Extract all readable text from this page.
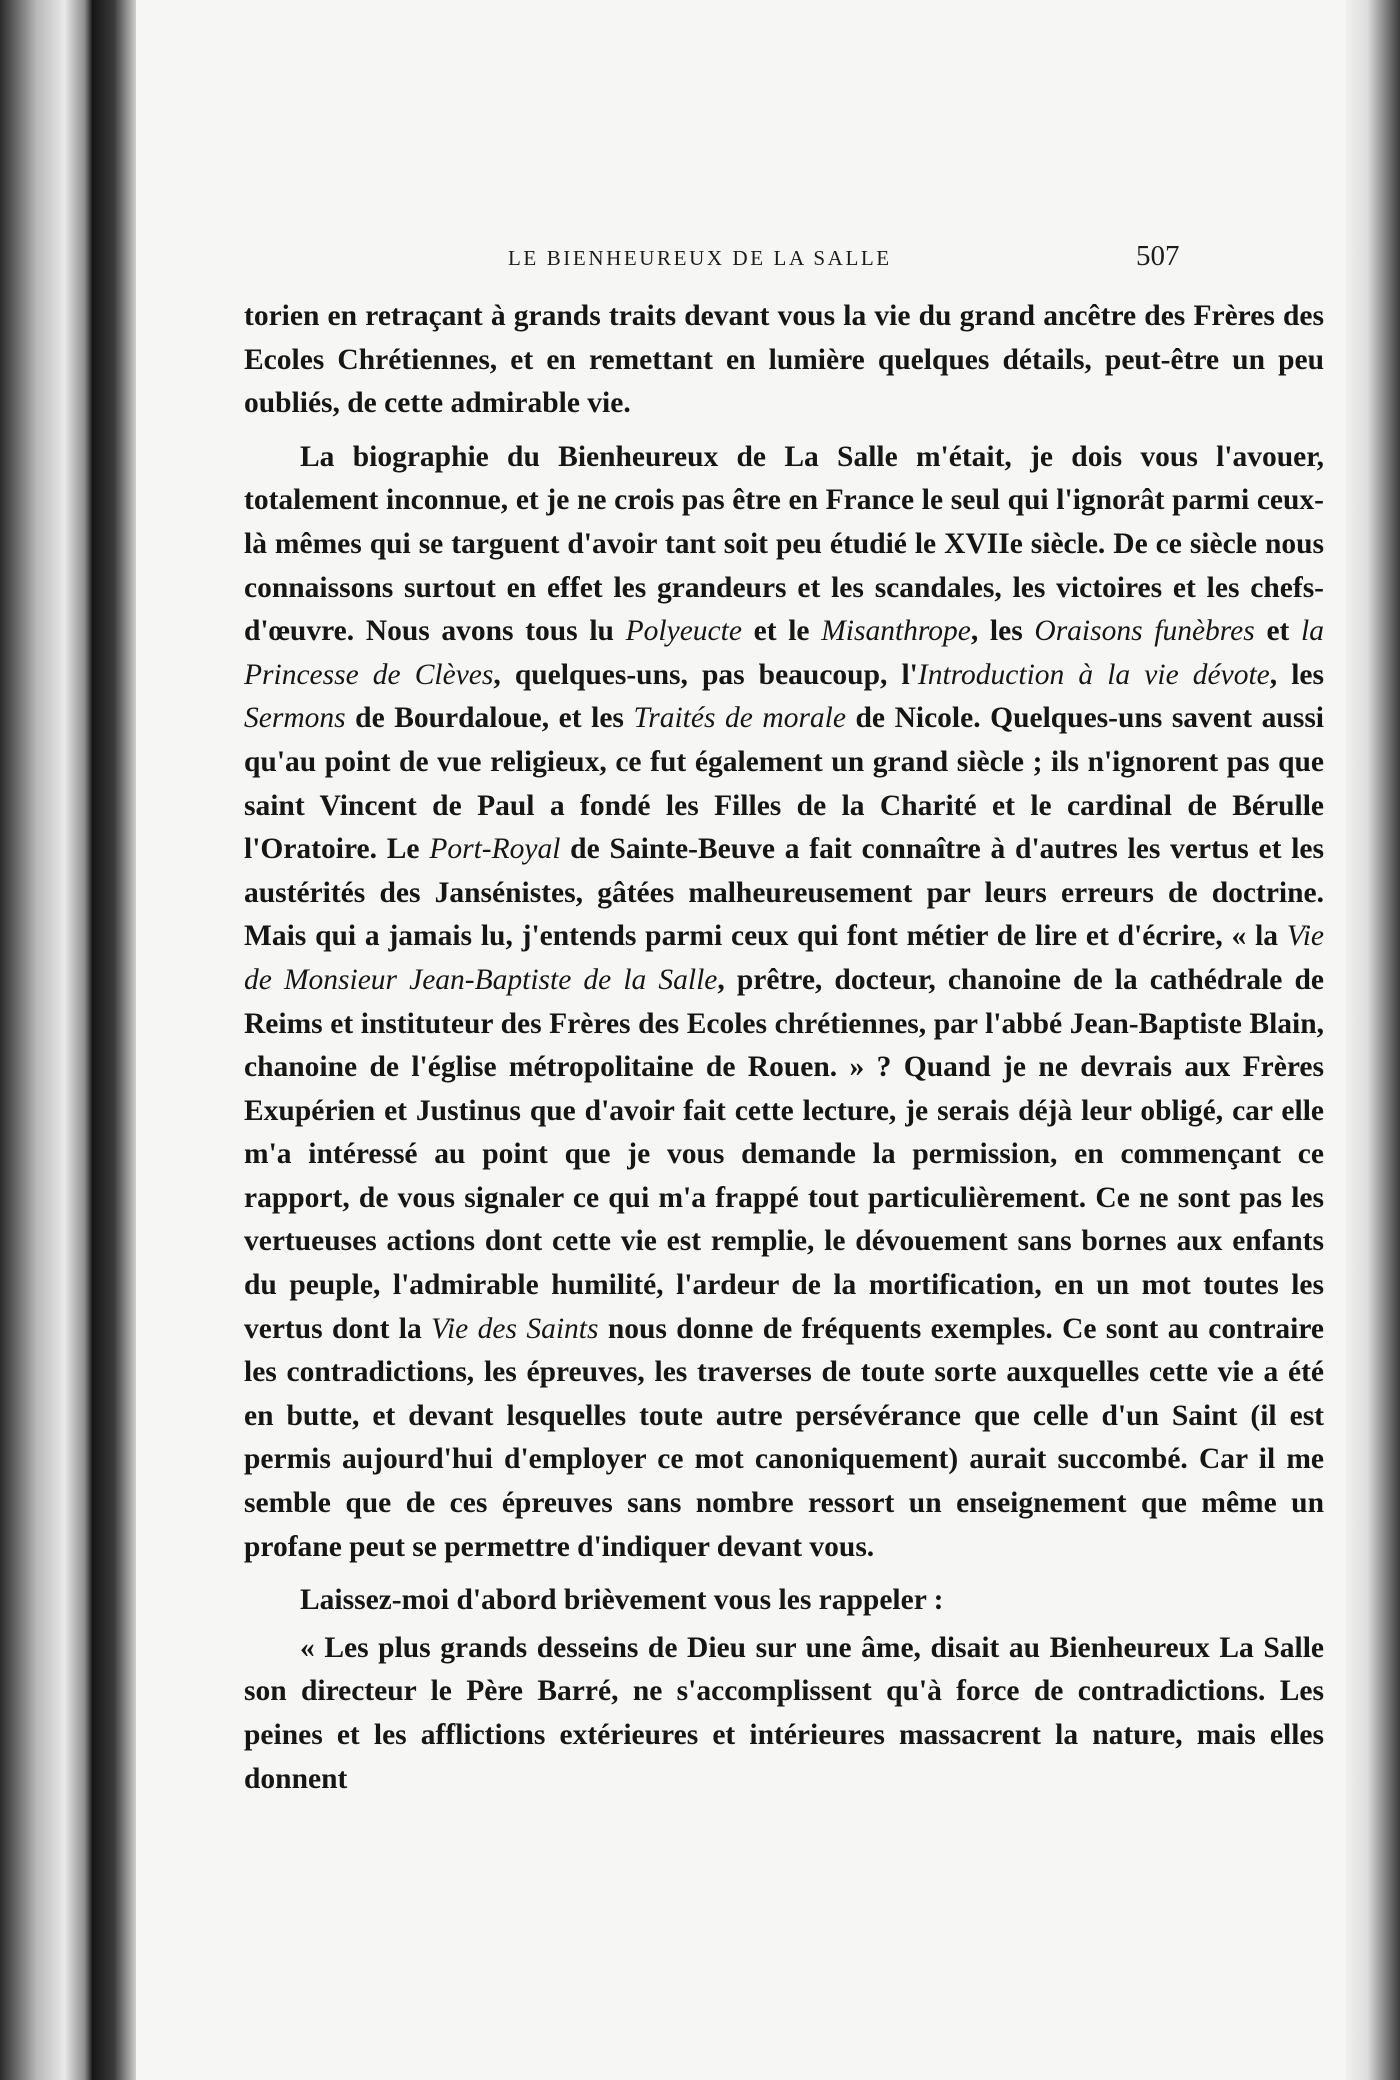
LE BIENHEUREUX DE LA SALLE	507

torien en retraçant à grands traits devant vous la vie du grand ancêtre des Frères des Ecoles Chrétiennes, et en remettant en lumière quelques détails, peut-être un peu oubliés, de cette admirable vie.

La biographie du Bienheureux de La Salle m'était, je dois vous l'avouer, totalement inconnue, et je ne crois pas être en France le seul qui l'ignorât parmi ceux-là mêmes qui se targuent d'avoir tant soit peu étudié le XVIIe siècle. De ce siècle nous connaissons surtout en effet les grandeurs et les scandales, les victoires et les chefs-d'œuvre. Nous avons tous lu Polyeucte et le Misanthrope, les Oraisons funèbres et la Princesse de Clèves, quelques-uns, pas beaucoup, l'Introduction à la vie dévote, les Sermons de Bourdaloue, et les Traités de morale de Nicole. Quelques-uns savent aussi qu'au point de vue religieux, ce fut également un grand siècle ; ils n'ignorent pas que saint Vincent de Paul a fondé les Filles de la Charité et le cardinal de Bérulle l'Oratoire. Le Port-Royal de Sainte-Beuve a fait connaître à d'autres les vertus et les austérités des Jansénistes, gâtées malheureusement par leurs erreurs de doctrine. Mais qui a jamais lu, j'entends parmi ceux qui font métier de lire et d'écrire, « la Vie de Monsieur Jean-Baptiste de la Salle, prêtre, docteur, chanoine de la cathédrale de Reims et instituteur des Frères des Ecoles chrétiennes, par l'abbé Jean-Baptiste Blain, chanoine de l'église métropolitaine de Rouen. » ? Quand je ne devrais aux Frères Exupérien et Justinus que d'avoir fait cette lecture, je serais déjà leur obligé, car elle m'a intéressé au point que je vous demande la permission, en commençant ce rapport, de vous signaler ce qui m'a frappé tout particulièrement. Ce ne sont pas les vertueuses actions dont cette vie est remplie, le dévouement sans bornes aux enfants du peuple, l'admirable humilité, l'ardeur de la mortification, en un mot toutes les vertus dont la Vie des Saints nous donne de fréquents exemples. Ce sont au contraire les contradictions, les épreuves, les traverses de toute sorte auxquelles cette vie a été en butte, et devant lesquelles toute autre persévérance que celle d'un Saint (il est permis aujourd'hui d'employer ce mot canoniquement) aurait succombé. Car il me semble que de ces épreuves sans nombre ressort un enseignement que même un profane peut se permettre d'indiquer devant vous.

Laissez-moi d'abord brièvement vous les rappeler :

« Les plus grands desseins de Dieu sur une âme, disait au Bienheureux La Salle son directeur le Père Barré, ne s'accomplissent qu'à force de contradictions. Les peines et les afflictions extérieures et intérieures massacrent la nature, mais elles donnent
